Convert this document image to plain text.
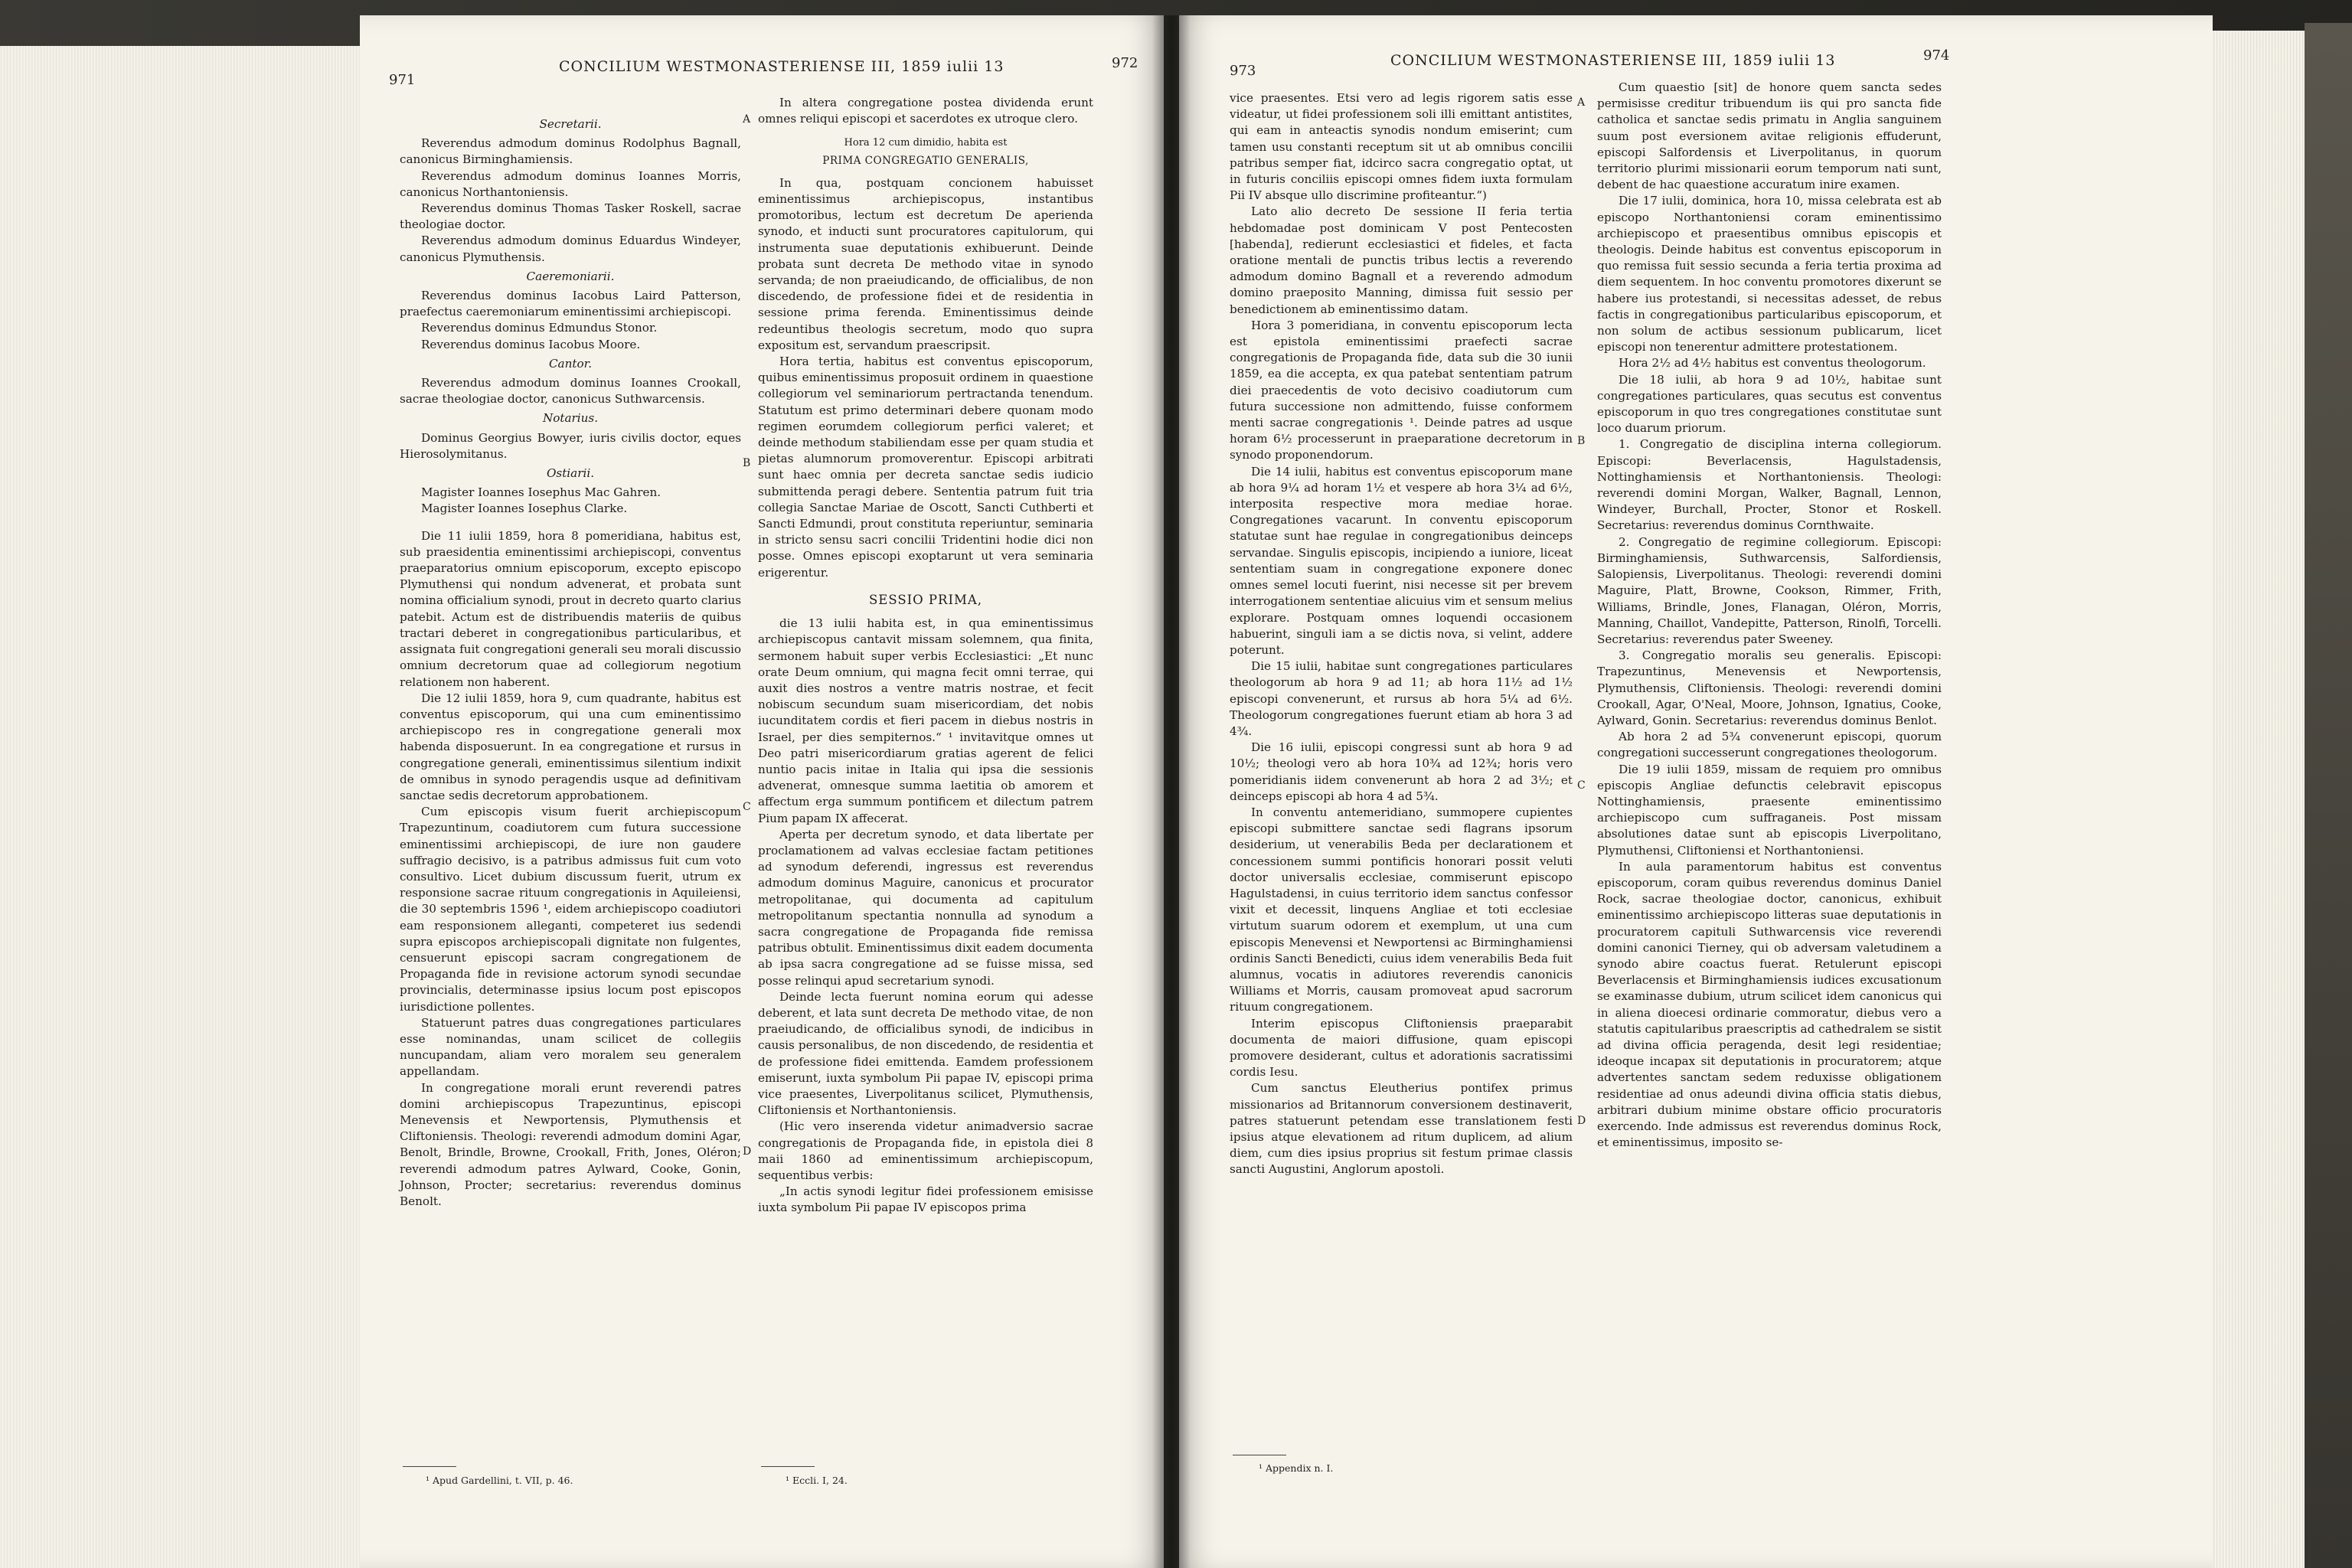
971
CONCILIUM WESTMONASTERIENSE III, 1859 iulii 13	972

Secretarii.

Reverendus admodum dominus Rodolphus Bagnall, canonicus Birminghamiensis.

Reverendus admodum dominus Ioannes Morris, canonicus Northantoniensis.

Reverendus dominus Thomas Tasker Roskell, sacrae theologiae doctor.

Reverendus admodum dominus Eduardus Windeyer, canonicus Plymuthensis.

Caeremoniarii.

Reverendus dominus Iacobus Laird Patterson, praefectus caeremoniarum eminentissimi archiepiscopi.

Reverendus dominus Edmundus Stonor.

Reverendus dominus Iacobus Moore.

Cantor.

Reverendus admodum dominus Ioannes Crookall, sacrae theologiae doctor, canonicus Suthwarcensis.

Notarius.

Dominus Georgius Bowyer, iuris civilis doctor, eques Hierosolymitanus.

Ostiarii.

Magister Ioannes Iosephus Mac Gahren.

Magister Ioannes Iosephus Clarke.

Die 11 iulii 1859, hora 8 pomeridiana, habitus est, sub praesidentia eminentissimi archiepiscopi, conventus praeparatorius omnium episcoporum, excepto episcopo Plymuthensi qui nondum advenerat, et probata sunt nomina officialium synodi, prout in decreto quarto clarius patebit. Actum est de distribuendis materiis de quibus tractari deberet in congregationibus particularibus, et assignata fuit congregationi generali seu morali discussio omnium decretorum quae ad collegiorum negotium relationem non haberent.

Die 12 iulii 1859, hora 9, cum quadrante, habitus est conventus episcoporum, qui una cum eminentissimo archiepiscopo res in congregatione generali mox habenda disposuerunt. In ea congregatione et rursus in congregatione generali, eminentissimus silentium indixit de omnibus in synodo peragendis usque ad definitivam sanctae sedis decretorum approbationem.

Cum episcopis visum fuerit archiepiscopum Trapezuntinum, coadiutorem cum futura successione eminentissimi archiepiscopi, de iure non gaudere suffragio decisivo, is a patribus admissus fuit cum voto consultivo. Licet dubium discussum fuerit, utrum ex responsione sacrae rituum congregationis in Aquileiensi, die 30 septembris 1596 ¹, eidem archiepiscopo coadiutori eam responsionem alleganti, competeret ius sedendi supra episcopos archiepiscopali dignitate non fulgentes, censuerunt episcopi sacram congregationem de Propaganda fide in revisione actorum synodi secundae provincialis, determinasse ipsius locum post episcopos iurisdictione pollentes.

Statuerunt patres duas congregationes particulares esse nominandas, unam scilicet de collegiis nuncupandam, aliam vero moralem seu generalem appellandam.

In congregatione morali erunt reverendi patres domini archiepiscopus Trapezuntinus, episcopi Menevensis et Newportensis, Plymuthensis et Cliftoniensis. Theologi: reverendi admodum domini Agar, Benolt, Brindle, Browne, Crookall, Frith, Jones, Oléron; reverendi admodum patres Aylward, Cooke, Gonin, Johnson, Procter; secretarius: reverendus dominus Benolt.

In altera congregatione postea dividenda erunt omnes reliqui episcopi et sacerdotes ex utroque clero.

Hora 12 cum dimidio, habita est

PRIMA CONGREGATIO GENERALIS,

In qua, postquam concionem habuisset eminentissimus archiepiscopus, instantibus promotoribus, lectum est decretum De aperienda synodo, et inducti sunt procuratores capitulorum, qui instrumenta suae deputationis exhibuerunt. Deinde probata sunt decreta De methodo vitae in synodo servanda; de non praeiudicando, de officialibus, de non discedendo, de professione fidei et de residentia in sessione prima ferenda. Eminentissimus deinde redeuntibus theologis secretum, modo quo supra expositum est, servandum praescripsit.

Hora tertia, habitus est conventus episcoporum, quibus eminentissimus proposuit ordinem in quaestione collegiorum vel seminariorum pertractanda tenendum. Statutum est primo determinari debere quonam modo regimen eorumdem collegiorum perfici valeret; et deinde methodum stabiliendam esse per quam studia et pietas alumnorum promoverentur. Episcopi arbitrati sunt haec omnia per decreta sanctae sedis iudicio submittenda peragi debere. Sententia patrum fuit tria collegia Sanctae Mariae de Oscott, Sancti Cuthberti et Sancti Edmundi, prout constituta reperiuntur, seminaria in stricto sensu sacri concilii Tridentini hodie dici non posse. Omnes episcopi exoptarunt ut vera seminaria erigerentur.

SESSIO PRIMA,

die 13 iulii habita est, in qua eminentissimus archiepiscopus cantavit missam solemnem, qua finita, sermonem habuit super verbis Ecclesiastici: „Et nunc orate Deum omnium, qui magna fecit omni terrae, qui auxit dies nostros a ventre matris nostrae, et fecit nobiscum secundum suam misericordiam, det nobis iucunditatem cordis et fieri pacem in diebus nostris in Israel, per dies sempiternos.“ ¹ invitavitque omnes ut Deo patri misericordiarum gratias agerent de felici nuntio pacis initae in Italia qui ipsa die sessionis advenerat, omnesque summa laetitia ob amorem et affectum erga summum pontificem et dilectum patrem Pium papam IX affecerat.

Aperta per decretum synodo, et data libertate per proclamationem ad valvas ecclesiae factam petitiones ad synodum deferendi, ingressus est reverendus admodum dominus Maguire, canonicus et procurator metropolitanae, qui documenta ad capitulum metropolitanum spectantia nonnulla ad synodum a sacra congregatione de Propaganda fide remissa patribus obtulit. Eminentissimus dixit eadem documenta ab ipsa sacra congregatione ad se fuisse missa, sed posse relinqui apud secretarium synodi.

Deinde lecta fuerunt nomina eorum qui adesse deberent, et lata sunt decreta De methodo vitae, de non praeiudicando, de officialibus synodi, de indicibus in causis personalibus, de non discedendo, de residentia et de professione fidei emittenda. Eamdem professionem emiserunt, iuxta symbolum Pii papae IV, episcopi prima vice praesentes, Liverpolitanus scilicet, Plymuthensis, Cliftoniensis et Northantoniensis.

(Hic vero inserenda videtur animadversio sacrae congregationis de Propaganda fide, in epistola diei 8 maii 1860 ad eminentissimum archiepiscopum, sequentibus verbis:

„In actis synodi legitur fidei professionem emisisse iuxta symbolum Pii papae IV episcopos prima

A
B
C
D
¹ Apud Gardellini, t. VII, p. 46.	¹ Eccli. I, 24.
973
CONCILIUM WESTMONASTERIENSE III, 1859 iulii 13	974

vice praesentes. Etsi vero ad legis rigorem satis esse videatur, ut fidei professionem soli illi emittant antistites, qui eam in anteactis synodis nondum emiserint; cum tamen usu constanti receptum sit ut ab omnibus concilii patribus semper fiat, idcirco sacra congregatio optat, ut in futuris conciliis episcopi omnes fidem iuxta formulam Pii IV absque ullo discrimine profiteantur.“)

Lato alio decreto De sessione II feria tertia hebdomadae post dominicam V post Pentecosten [habenda], redierunt ecclesiastici et fideles, et facta oratione mentali de punctis tribus lectis a reverendo admodum domino Bagnall et a reverendo admodum domino praeposito Manning, dimissa fuit sessio per benedictionem ab eminentissimo datam.

Hora 3 pomeridiana, in conventu episcoporum lecta est epistola eminentissimi praefecti sacrae congregationis de Propaganda fide, data sub die 30 iunii 1859, ea die accepta, ex qua patebat sententiam patrum diei praecedentis de voto decisivo coadiutorum cum futura successione non admittendo, fuisse conformem menti sacrae congregationis ¹. Deinde patres ad usque horam 6½ processerunt in praeparatione decretorum in synodo proponendorum.

Die 14 iulii, habitus est conventus episcoporum mane ab hora 9¼ ad horam 1½ et vespere ab hora 3¼ ad 6½, interposita respective mora mediae horae. Congregationes vacarunt. In conventu episcoporum statutae sunt hae regulae in congregationibus deinceps servandae. Singulis episcopis, incipiendo a iuniore, liceat sententiam suam in congregatione exponere donec omnes semel locuti fuerint, nisi necesse sit per brevem interrogationem sententiae alicuius vim et sensum melius explorare. Postquam omnes loquendi occasionem habuerint, singuli iam a se dictis nova, si velint, addere poterunt.

Die 15 iulii, habitae sunt congregationes particulares theologorum ab hora 9 ad 11; ab hora 11½ ad 1½ episcopi convenerunt, et rursus ab hora 5¼ ad 6½. Theologorum congregationes fuerunt etiam ab hora 3 ad 4¾.

Die 16 iulii, episcopi congressi sunt ab hora 9 ad 10½; theologi vero ab hora 10¾ ad 12¾; horis vero pomeridianis iidem convenerunt ab hora 2 ad 3½; et deinceps episcopi ab hora 4 ad 5¾.

In conventu antemeridiano, summopere cupientes episcopi submittere sanctae sedi flagrans ipsorum desiderium, ut venerabilis Beda per declarationem et concessionem summi pontificis honorari possit veluti doctor universalis ecclesiae, commiserunt episcopo Hagulstadensi, in cuius territorio idem sanctus confessor vixit et decessit, linquens Angliae et toti ecclesiae virtutum suarum odorem et exemplum, ut una cum episcopis Menevensi et Newportensi ac Birminghamiensi ordinis Sancti Benedicti, cuius idem venerabilis Beda fuit alumnus, vocatis in adiutores reverendis canonicis Williams et Morris, causam promoveat apud sacrorum rituum congregationem.

Interim episcopus Cliftoniensis praeparabit documenta de maiori diffusione, quam episcopi promovere desiderant, cultus et adorationis sacratissimi cordis Iesu.

Cum sanctus Eleutherius pontifex primus missionarios ad Britannorum conversionem destinaverit, patres statuerunt petendam esse translationem festi ipsius atque elevationem ad ritum duplicem, ad alium diem, cum dies ipsius proprius sit festum primae classis sancti Augustini, Anglorum apostoli.

Cum quaestio [sit] de honore quem sancta sedes permisisse creditur tribuendum iis qui pro sancta fide catholica et sanctae sedis primatu in Anglia sanguinem suum post eversionem avitae religionis effuderunt, episcopi Salfordensis et Liverpolitanus, in quorum territorio plurimi missionarii eorum temporum nati sunt, debent de hac quaestione accuratum inire examen.

Die 17 iulii, dominica, hora 10, missa celebrata est ab episcopo Northantoniensi coram eminentissimo archiepiscopo et praesentibus omnibus episcopis et theologis. Deinde habitus est conventus episcoporum in quo remissa fuit sessio secunda a feria tertia proxima ad diem sequentem. In hoc conventu promotores dixerunt se habere ius protestandi, si necessitas adesset, de rebus factis in congregationibus particularibus episcoporum, et non solum de actibus sessionum publicarum, licet episcopi non tenerentur admittere protestationem.

Hora 2½ ad 4½ habitus est conventus theologorum.

Die 18 iulii, ab hora 9 ad 10½, habitae sunt congregationes particulares, quas secutus est conventus episcoporum in quo tres congregationes constitutae sunt loco duarum priorum.

1. Congregatio de disciplina interna collegiorum. Episcopi: Beverlacensis, Hagulstadensis, Nottinghamiensis et Northantoniensis. Theologi: reverendi domini Morgan, Walker, Bagnall, Lennon, Windeyer, Burchall, Procter, Stonor et Roskell. Secretarius: reverendus dominus Cornthwaite.

2. Congregatio de regimine collegiorum. Episcopi: Birminghamiensis, Suthwarcensis, Salfordiensis, Salopiensis, Liverpolitanus. Theologi: reverendi domini Maguire, Platt, Browne, Cookson, Rimmer, Frith, Williams, Brindle, Jones, Flanagan, Oléron, Morris, Manning, Chaillot, Vandepitte, Patterson, Rinolfi, Torcelli. Secretarius: reverendus pater Sweeney.

3. Congregatio moralis seu generalis. Episcopi: Trapezuntinus, Menevensis et Newportensis, Plymuthensis, Cliftoniensis. Theologi: reverendi domini Crookall, Agar, O'Neal, Moore, Johnson, Ignatius, Cooke, Aylward, Gonin. Secretarius: reverendus dominus Benlot.

Ab hora 2 ad 5¾ convenerunt episcopi, quorum congregationi successerunt congregationes theologorum.

Die 19 iulii 1859, missam de requiem pro omnibus episcopis Angliae defunctis celebravit episcopus Nottinghamiensis, praesente eminentissimo archiepiscopo cum suffraganeis. Post missam absolutiones datae sunt ab episcopis Liverpolitano, Plymuthensi, Cliftoniensi et Northantoniensi.

In aula paramentorum habitus est conventus episcoporum, coram quibus reverendus dominus Daniel Rock, sacrae theologiae doctor, canonicus, exhibuit eminentissimo archiepiscopo litteras suae deputationis in procuratorem capituli Suthwarcensis vice reverendi domini canonici Tierney, qui ob adversam valetudinem a synodo abire coactus fuerat. Retulerunt episcopi Beverlacensis et Birminghamiensis iudices excusationum se examinasse dubium, utrum scilicet idem canonicus qui in aliena dioecesi ordinarie commoratur, diebus vero a statutis capitularibus praescriptis ad cathedralem se sistit ad divina officia peragenda, desit legi residentiae; ideoque incapax sit deputationis in procuratorem; atque advertentes sanctam sedem reduxisse obligationem residentiae ad onus adeundi divina officia statis diebus, arbitrari dubium minime obstare officio procuratoris exercendo. Inde admissus est reverendus dominus Rock, et eminentissimus, imposito se-

A
B
C
D
¹ Appendix n. I.
